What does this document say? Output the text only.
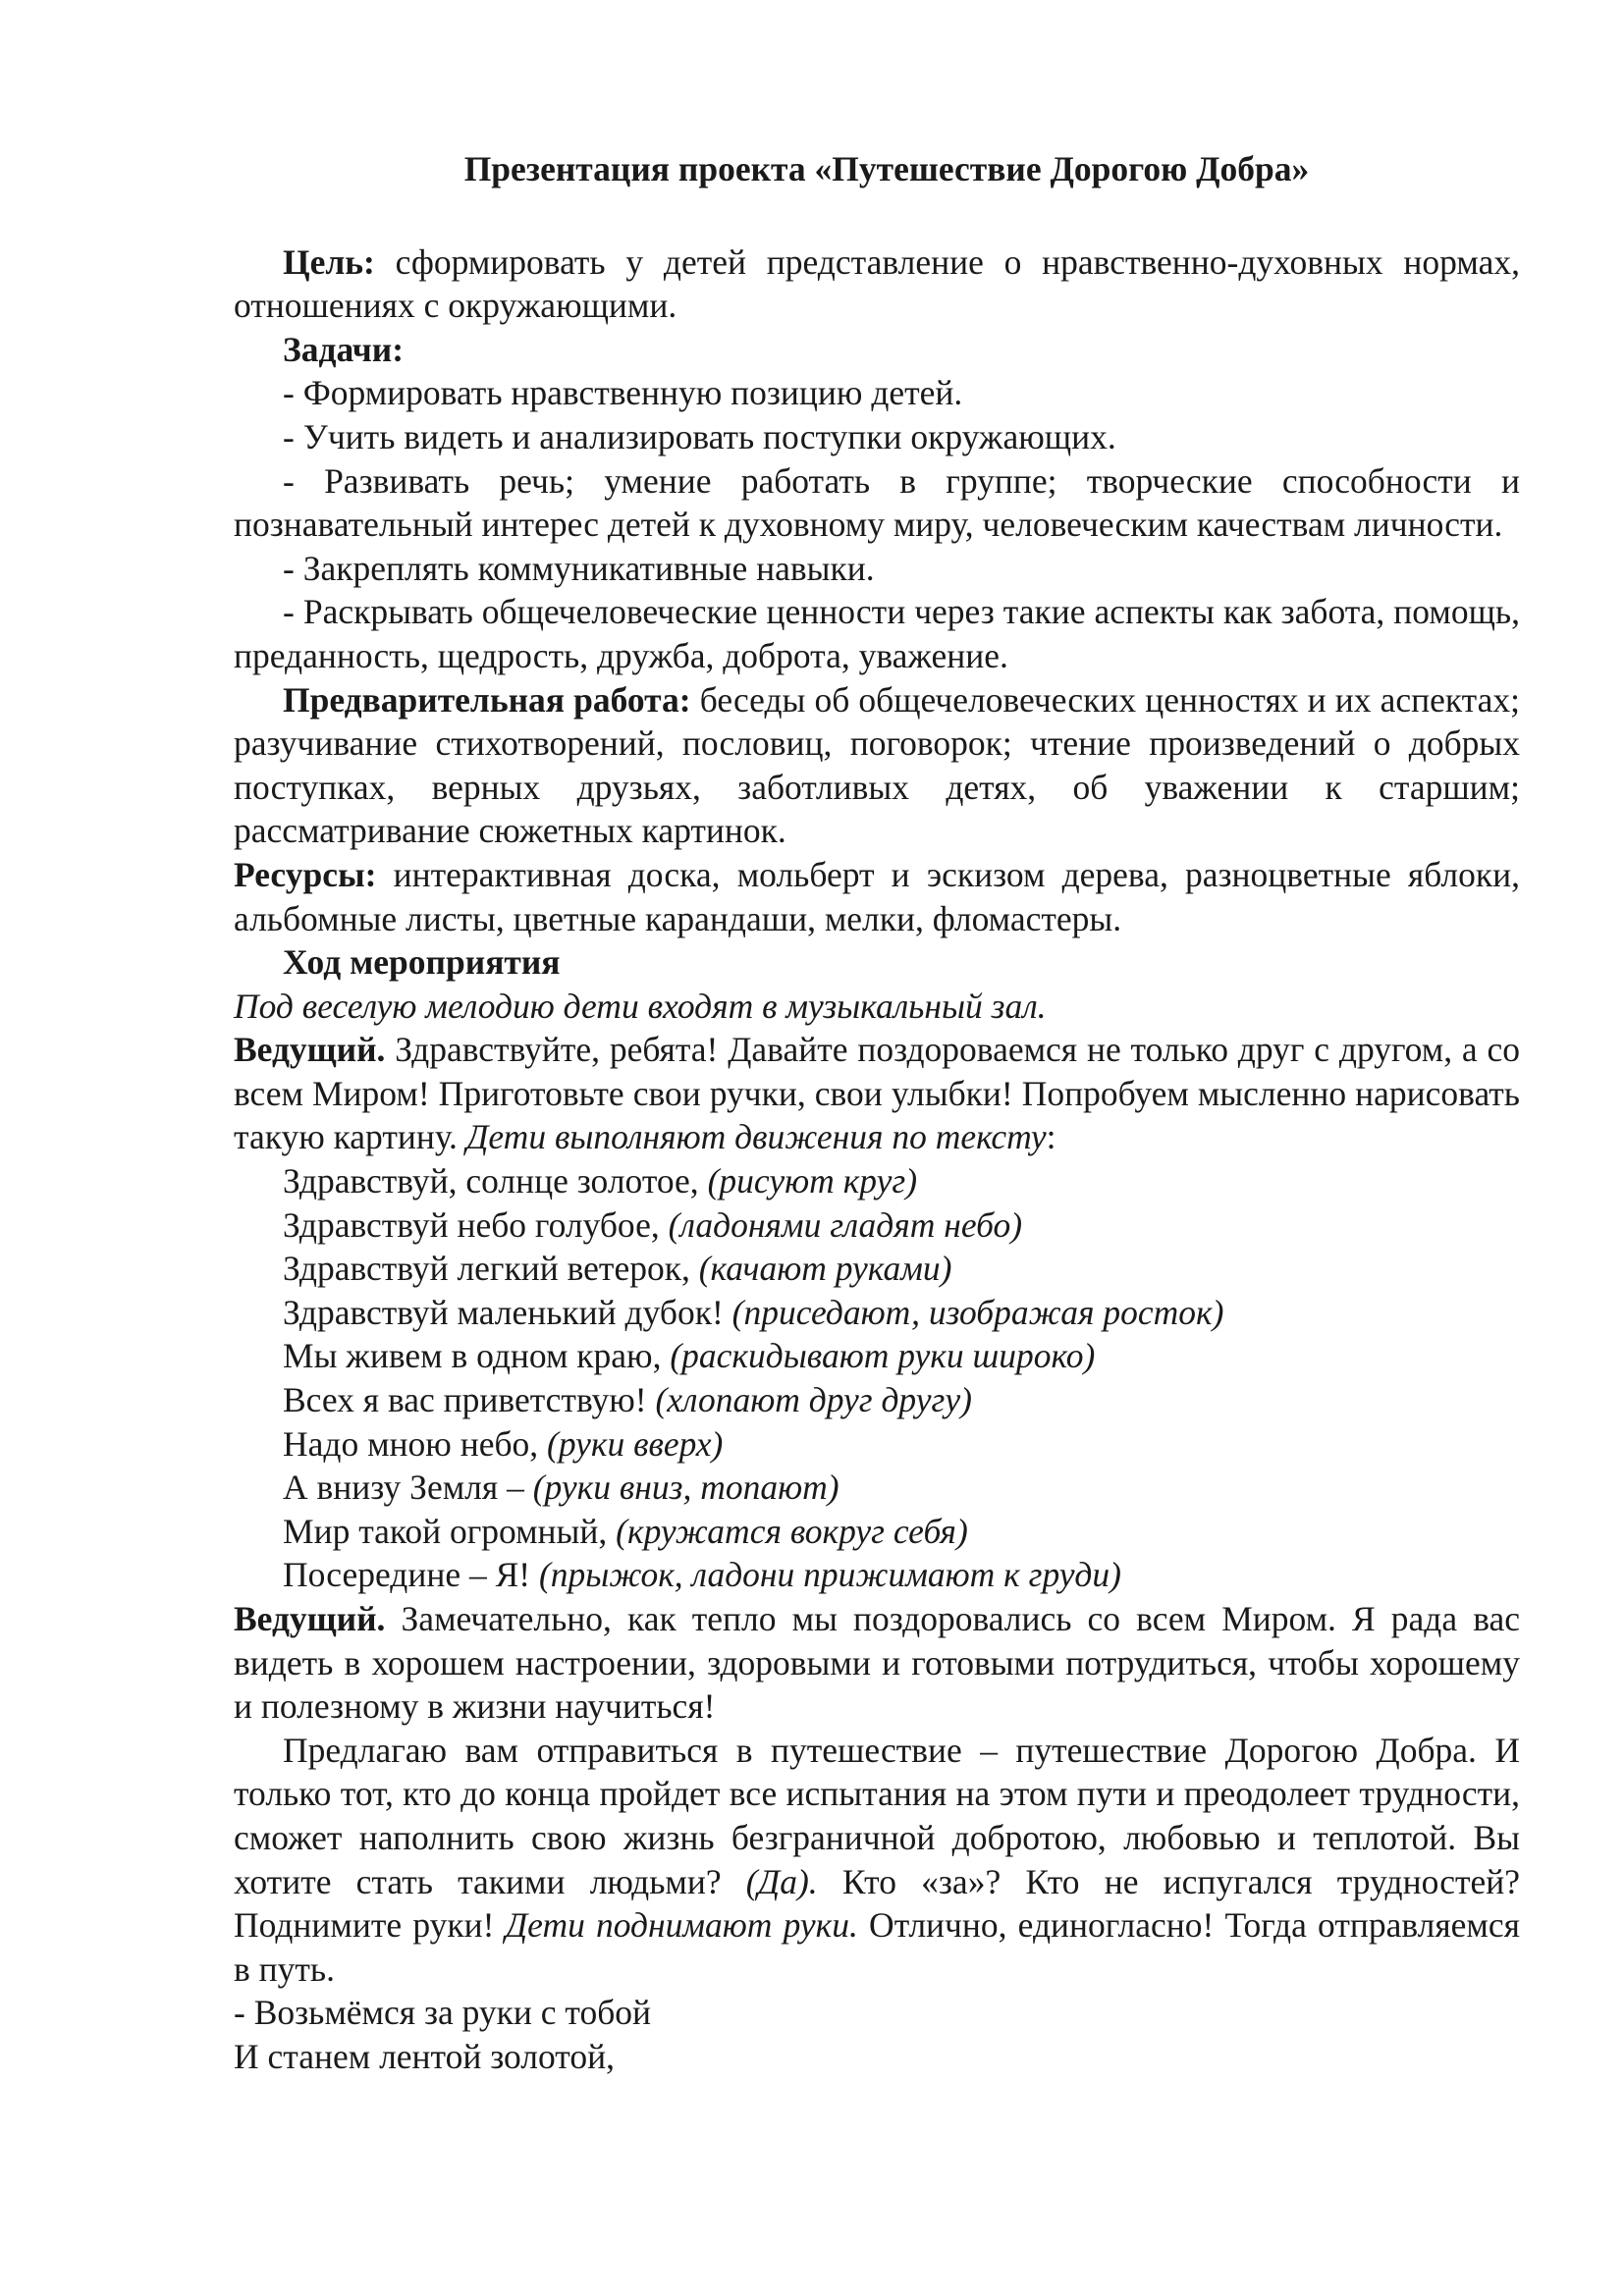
Презентация проекта «Путешествие Дорогою Добра»

Цель: сформировать у детей представление о нравственно-духовных нормах, отношениях с окружающими.

Задачи:

- Формировать нравственную позицию детей.

- Учить видеть и анализировать поступки окружающих.

- Развивать речь; умение работать в группе; творческие способности и познавательный интерес детей к духовному миру, человеческим качествам личности.

- Закреплять коммуникативные навыки.

- Раскрывать общечеловеческие ценности через такие аспекты как забота, помощь, преданность, щедрость, дружба, доброта, уважение.

Предварительная работа: беседы об общечеловеческих ценностях и их аспектах; разучивание стихотворений, пословиц, поговорок; чтение произведений о добрых поступках, верных друзьях, заботливых детях, об уважении к старшим; рассматривание сюжетных картинок.

Ресурсы: интерактивная доска, мольберт и эскизом дерева, разноцветные яблоки, альбомные листы, цветные карандаши, мелки, фломастеры.

Ход мероприятия

Под веселую мелодию дети входят в музыкальный зал.

Ведущий. Здравствуйте, ребята! Давайте поздороваемся не только друг с другом, а со всем Миром! Приготовьте свои ручки, свои улыбки! Попробуем мысленно нарисовать такую картину. Дети выполняют движения по тексту:

Здравствуй, солнце золотое, (рисуют круг)

Здравствуй небо голубое, (ладонями гладят небо)

Здравствуй легкий ветерок, (качают руками)

Здравствуй маленький дубок! (приседают, изображая росток)

Мы живем в одном краю, (раскидывают руки широко)

Всех я вас приветствую! (хлопают друг другу)

Надо мною небо, (руки вверх)

А внизу Земля – (руки вниз, топают)

Мир такой огромный, (кружатся вокруг себя)

Посередине – Я! (прыжок, ладони прижимают к груди)

Ведущий. Замечательно, как тепло мы поздоровались со всем Миром. Я рада вас видеть в хорошем настроении, здоровыми и готовыми потрудиться, чтобы хорошему и полезному в жизни научиться!

Предлагаю вам отправиться в путешествие – путешествие Дорогою Добра. И только тот, кто до конца пройдет все испытания на этом пути и преодолеет трудности, сможет наполнить свою жизнь безграничной добротою, любовью и теплотой. Вы хотите стать такими людьми? (Да). Кто «за»? Кто не испугался трудностей? Поднимите руки! Дети поднимают руки. Отлично, единогласно! Тогда отправляемся в путь.

- Возьмёмся за руки с тобой

И станем лентой золотой,
